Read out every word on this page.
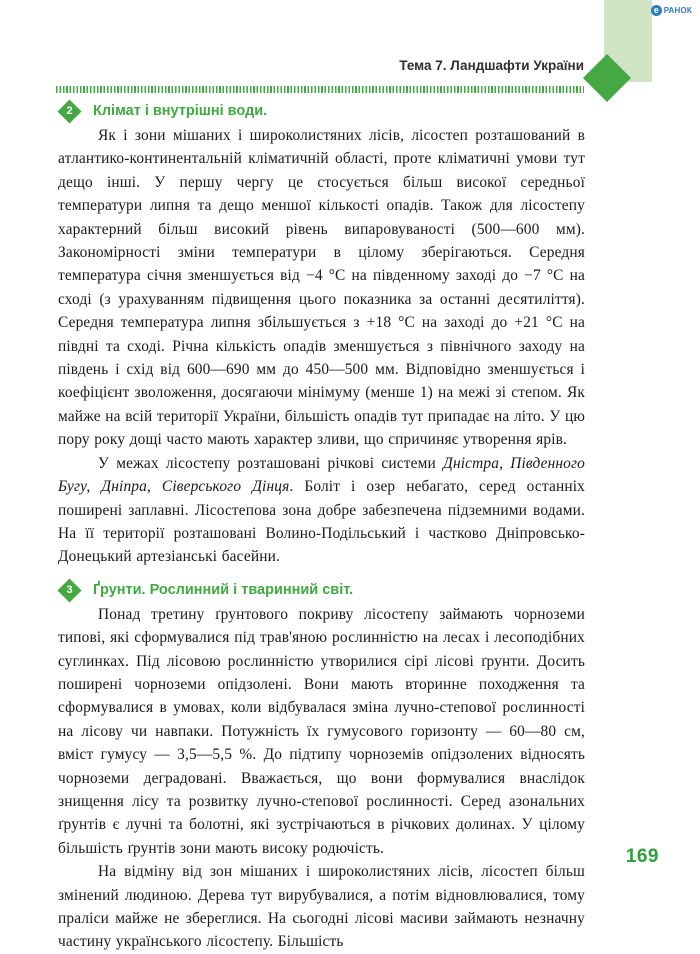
е РАНОК
Тема 7. Ландшафти України
2	Клімат і внутрішні води.

Як і зони мішаних і широколистяних лісів, лісостеп розташований в атлантико-континентальній кліматичній області, проте кліматичні умови тут дещо інші. У першу чергу це стосується більш високої середньої температури липня та дещо меншої кількості опадів. Також для лісостепу характерний більш високий рівень випаровуваності (500—600 мм). Закономірності зміни температури в цілому зберігаються. Середня температура січня зменшується від −4 °C на південному заході до −7 °C на сході (з урахуванням підвищення цього показника за останні десятиліття). Середня температура липня збільшується з +18 °C на заході до +21 °C на півдні та сході. Річна кількість опадів зменшується з північного заходу на південь і схід від 600—690 мм до 450—500 мм. Відповідно зменшується і коефіцієнт зволоження, досягаючи мінімуму (менше 1) на межі зі степом. Як майже на всій території України, більшість опадів тут припадає на літо. У цю пору року дощі часто мають характер зливи, що спричиняє утворення ярів.

У межах лісостепу розташовані річкові системи Дністра, Південного Бугу, Дніпра, Сіверського Дінця. Боліт і озер небагато, серед останніх поширені заплавні. Лісостепова зона добре забезпечена підземними водами. На її території розташовані Волино-Подільський і частково Дніпровсько-Донецький артезіанські басейни.

3	Ґрунти. Рослинний і тваринний світ.

Понад третину ґрунтового покриву лісостепу займають чорноземи типові, які сформувалися під трав'яною рослинністю на лесах і лесоподібних суглинках. Під лісовою рослинністю утворилися сірі лісові ґрунти. Досить поширені чорноземи опідзолені. Вони мають вторинне походження та сформувалися в умовах, коли відбувалася зміна лучно-степової рослинності на лісову чи навпаки. Потужність їх гумусового горизонту — 60—80 см, вміст гумусу — 3,5—5,5 %. До підтипу чорноземів опідзолених відносять чорноземи деградовані. Вважається, що вони формувалися внаслідок знищення лісу та розвитку лучно-степової рослинності. Серед азональних ґрунтів є лучні та болотні, які зустрічаються в річкових долинах. У цілому більшість ґрунтів зони мають високу родючість.

На відміну від зон мішаних і широколистяних лісів, лісостеп більш змінений людиною. Дерева тут вирубувалися, а потім відновлювалися, тому праліси майже не збереглися. На сьогодні лісові масиви займають незначну частину українського лісостепу. Більшість

169
